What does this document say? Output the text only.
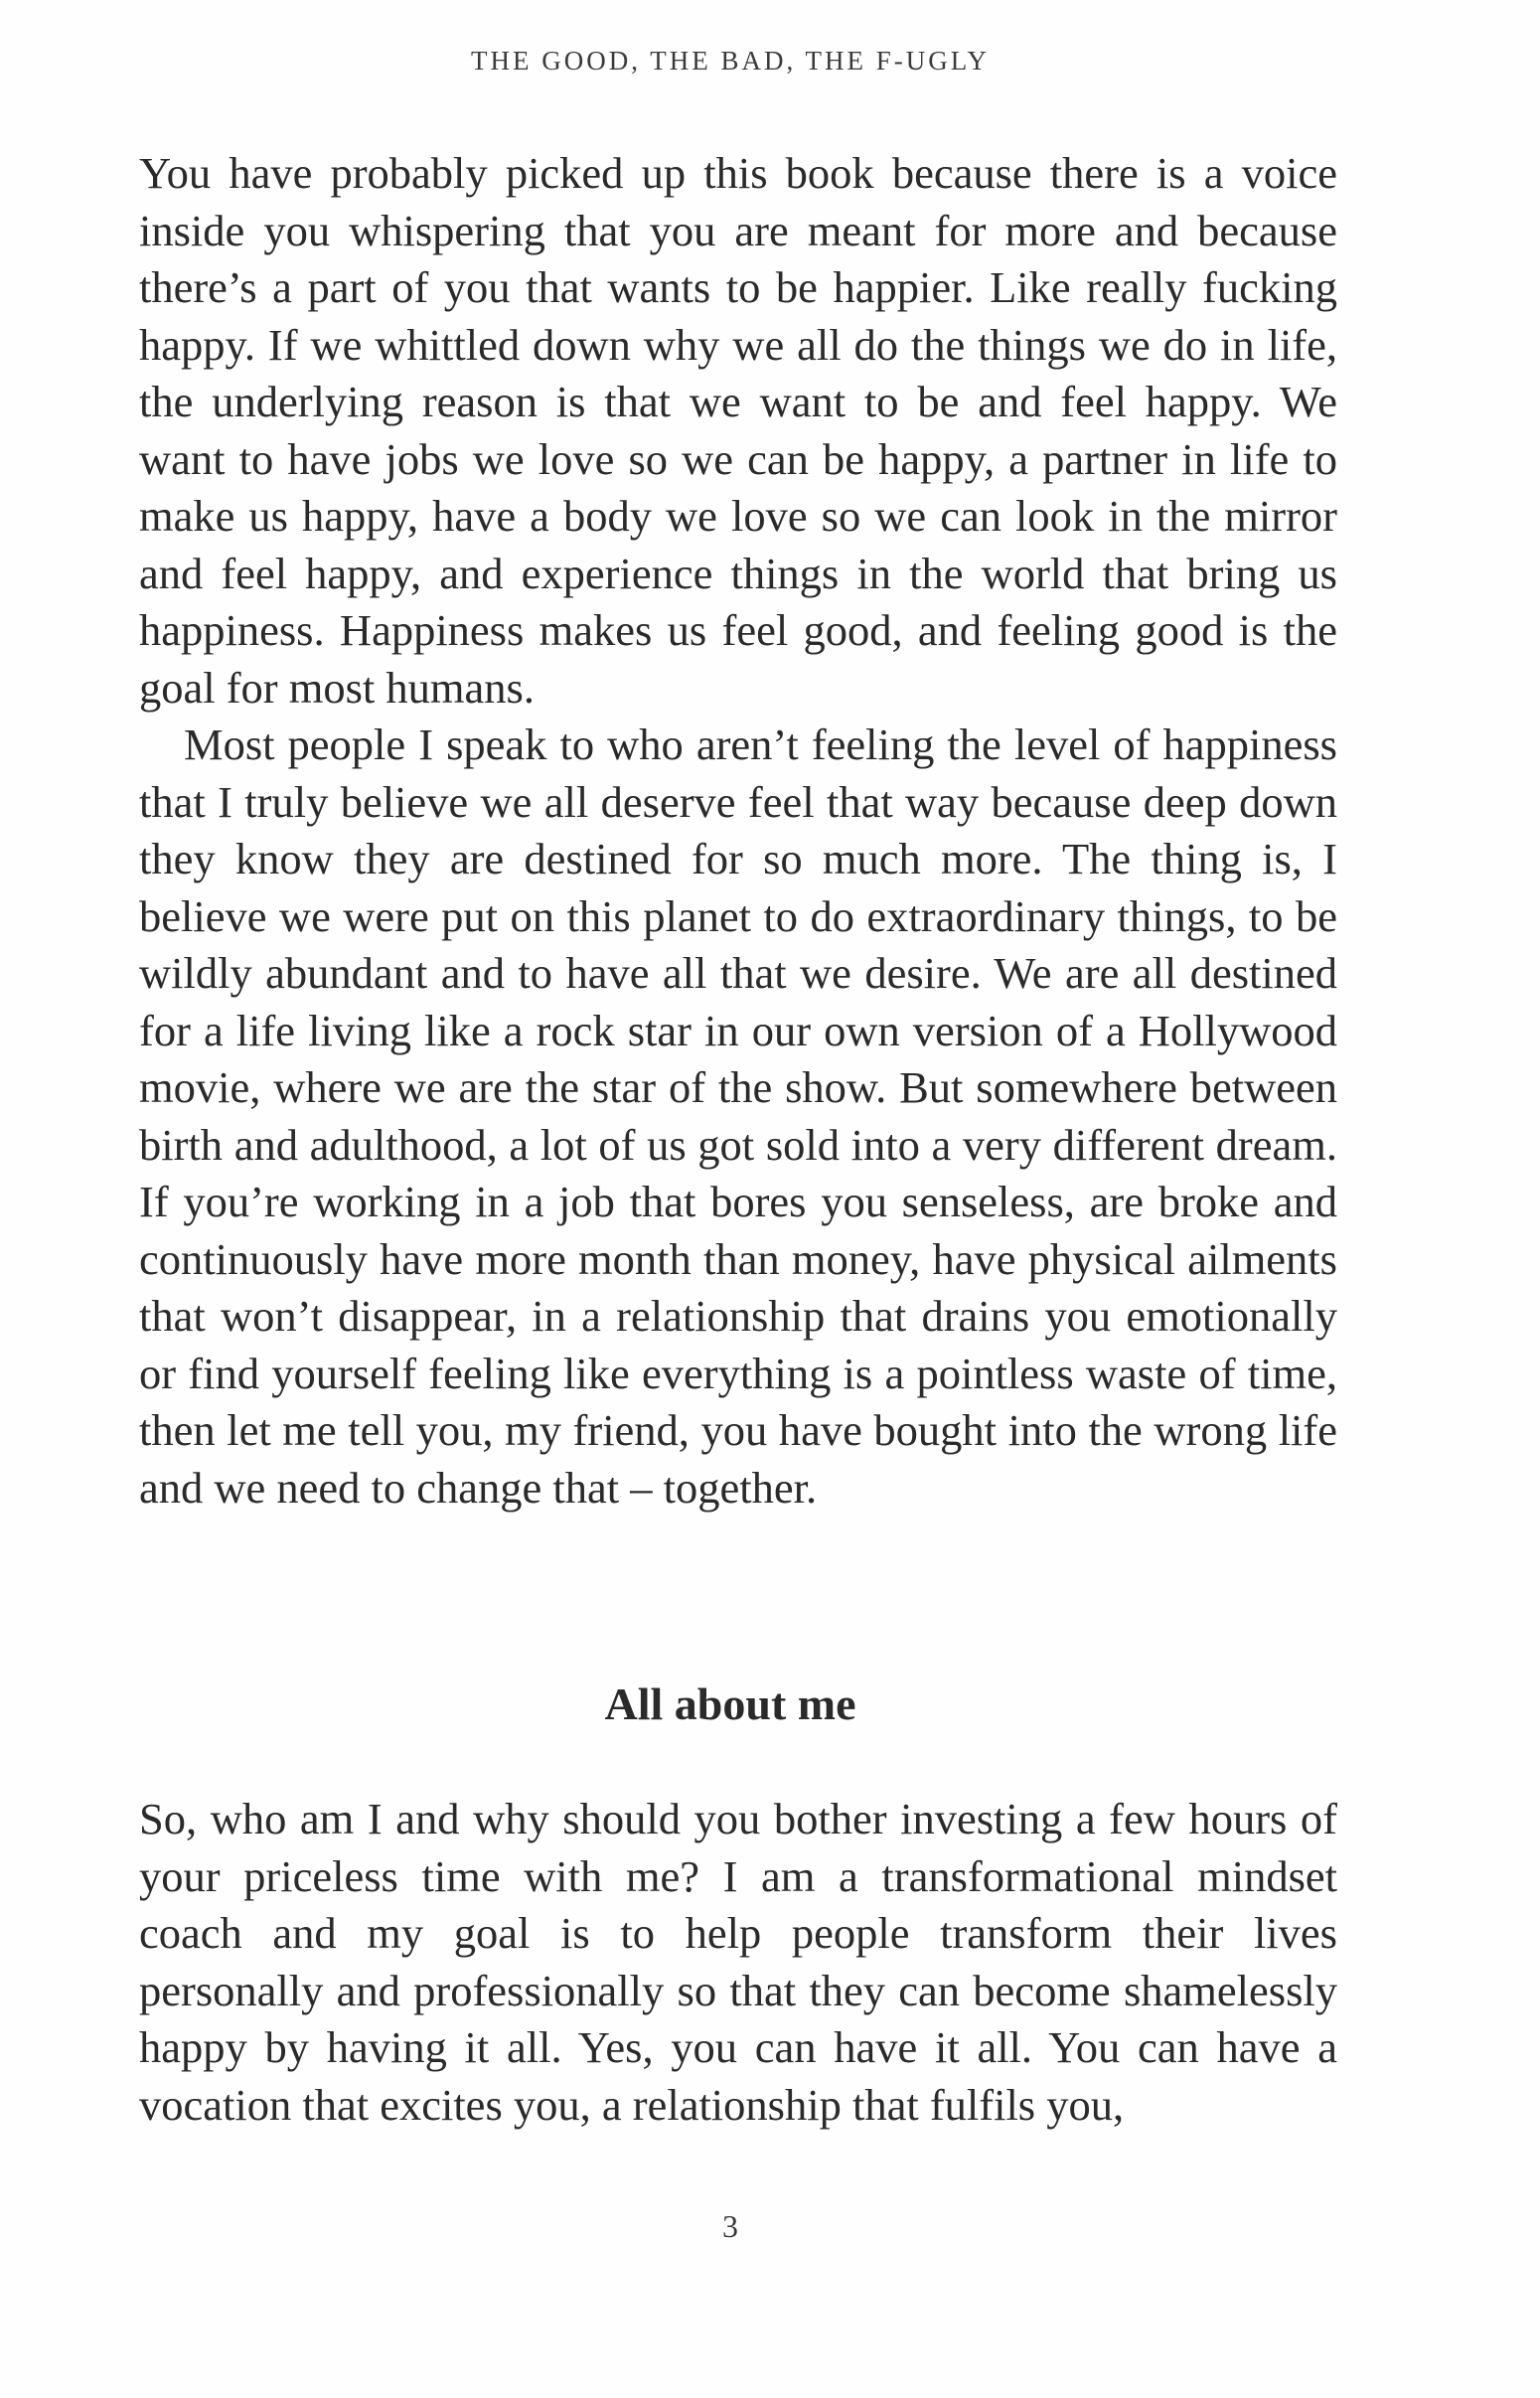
THE GOOD, THE BAD, THE F-UGLY

You have probably picked up this book because there is a voice inside you whispering that you are meant for more and because there’s a part of you that wants to be happier. Like really fucking happy. If we whittled down why we all do the things we do in life, the underlying reason is that we want to be and feel happy. We want to have jobs we love so we can be happy, a partner in life to make us happy, have a body we love so we can look in the mirror and feel happy, and experience things in the world that bring us happiness. Happiness makes us feel good, and feeling good is the goal for most humans.

Most people I speak to who aren’t feeling the level of happiness that I truly believe we all deserve feel that way because deep down they know they are destined for so much more. The thing is, I believe we were put on this planet to do extraordinary things, to be wildly abundant and to have all that we desire. We are all destined for a life living like a rock star in our own version of a Hollywood movie, where we are the star of the show. But somewhere between birth and adulthood, a lot of us got sold into a very different dream. If you’re working in a job that bores you senseless, are broke and continuously have more month than money, have physical ailments that won’t disappear, in a relationship that drains you emotionally or find yourself feeling like everything is a pointless waste of time, then let me tell you, my friend, you have bought into the wrong life and we need to change that – together.

All about me

So, who am I and why should you bother investing a few hours of your priceless time with me? I am a transformational mindset coach and my goal is to help people transform their lives personally and professionally so that they can become shamelessly happy by having it all. Yes, you can have it all. You can have a vocation that excites you, a relationship that fulfils you,

3
